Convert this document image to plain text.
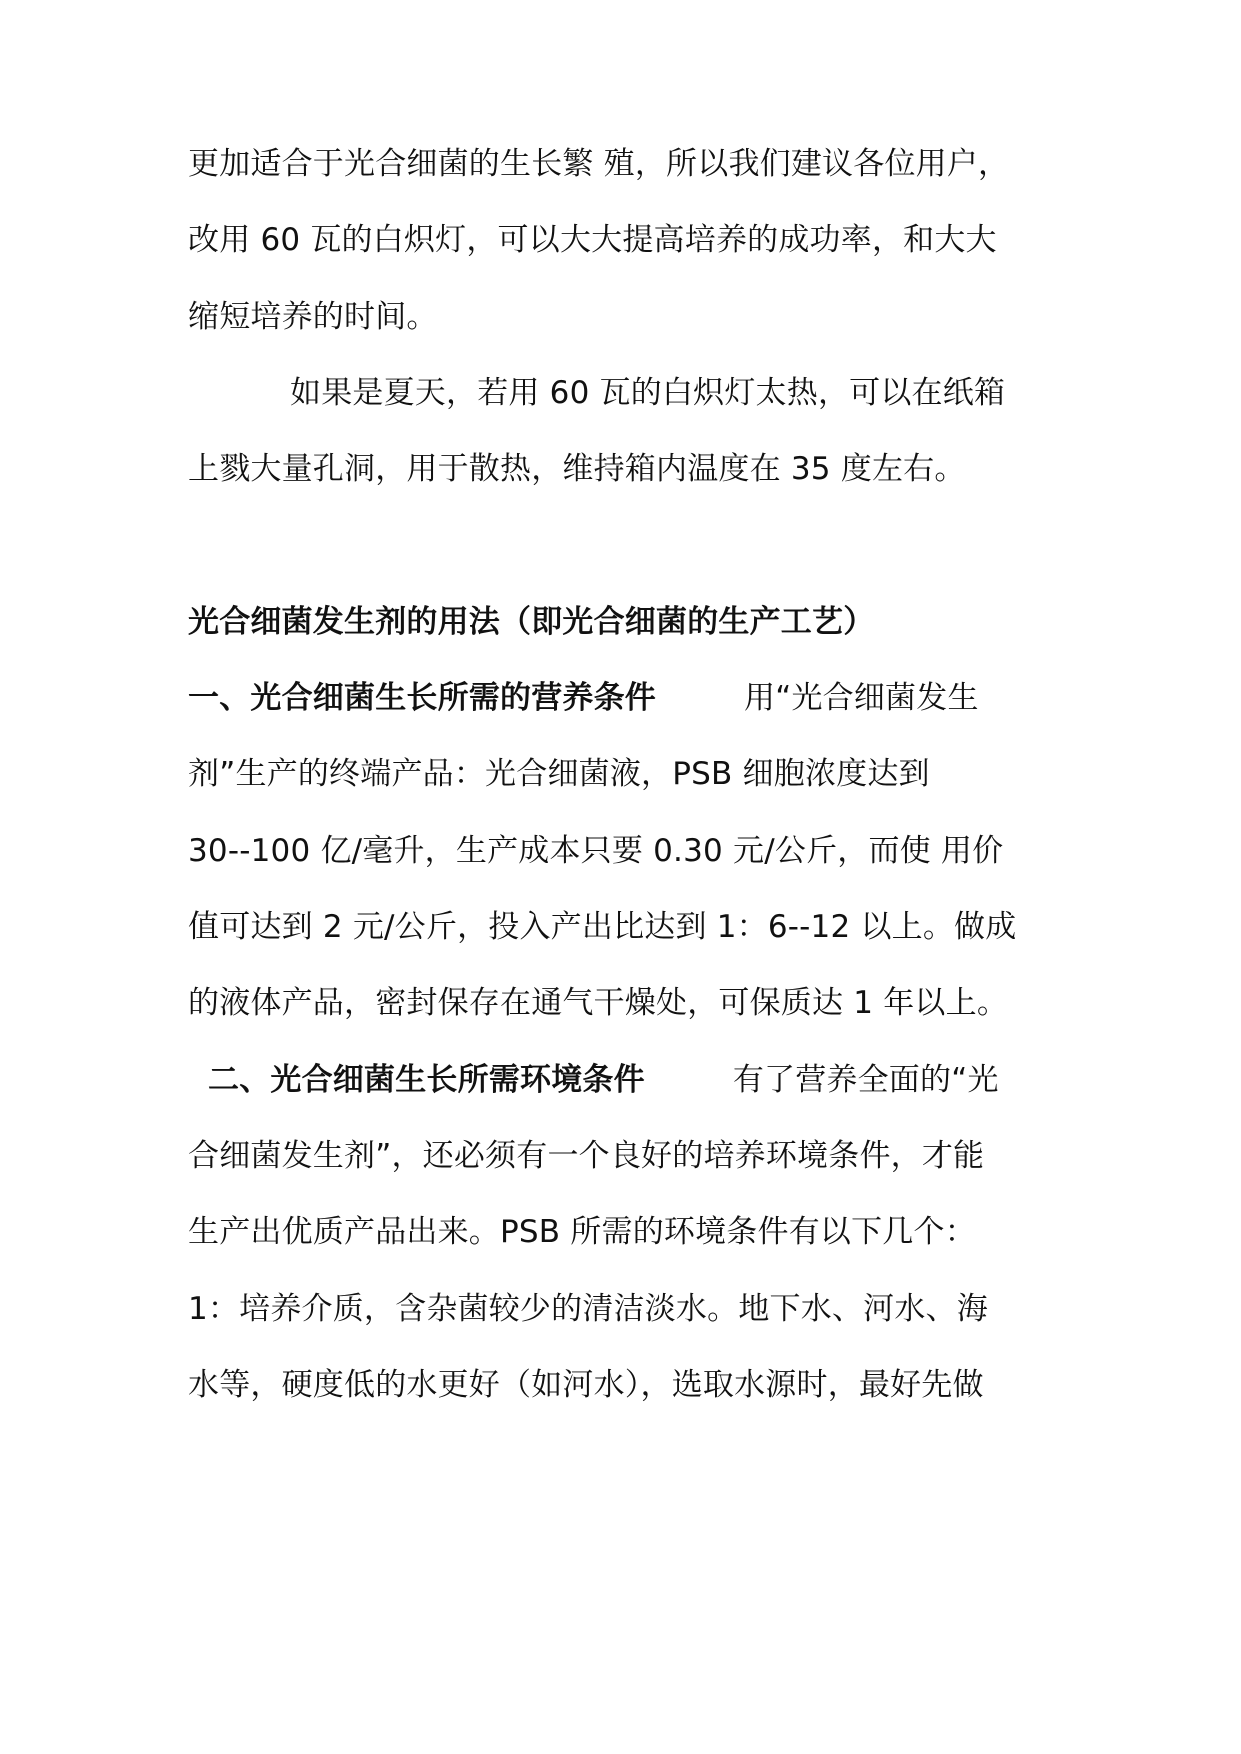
更加适合于光合细菌的生长繁 殖，所以我们建议各位用户，
改用 60 瓦的白炽灯，可以大大提高培养的成功率，和大大
缩短培养的时间。
如果是夏天，若用 60 瓦的白炽灯太热，可以在纸箱
上戮大量孔洞，用于散热，维持箱内温度在 35 度左右。
光合细菌发生剂的用法（即光合细菌的生产工艺）
一、光合细菌生长所需的营养条件	用“光合细菌发生
剂”生产的终端产品：光合细菌液，PSB 细胞浓度达到
30--100 亿/毫升，生产成本只要 0.30 元/公斤，而使 用价
值可达到 2 元/公斤，投入产出比达到 1：6--12 以上。做成
的液体产品，密封保存在通气干燥处，可保质达 1 年以上。
二、光合细菌生长所需环境条件	有了营养全面的“光
合细菌发生剂”，还必须有一个良好的培养环境条件，才能
生产出优质产品出来。PSB 所需的环境条件有以下几个：
1：培养介质，含杂菌较少的清洁淡水。地下水、河水、海
水等，硬度低的水更好（如河水），选取水源时，最好先做
